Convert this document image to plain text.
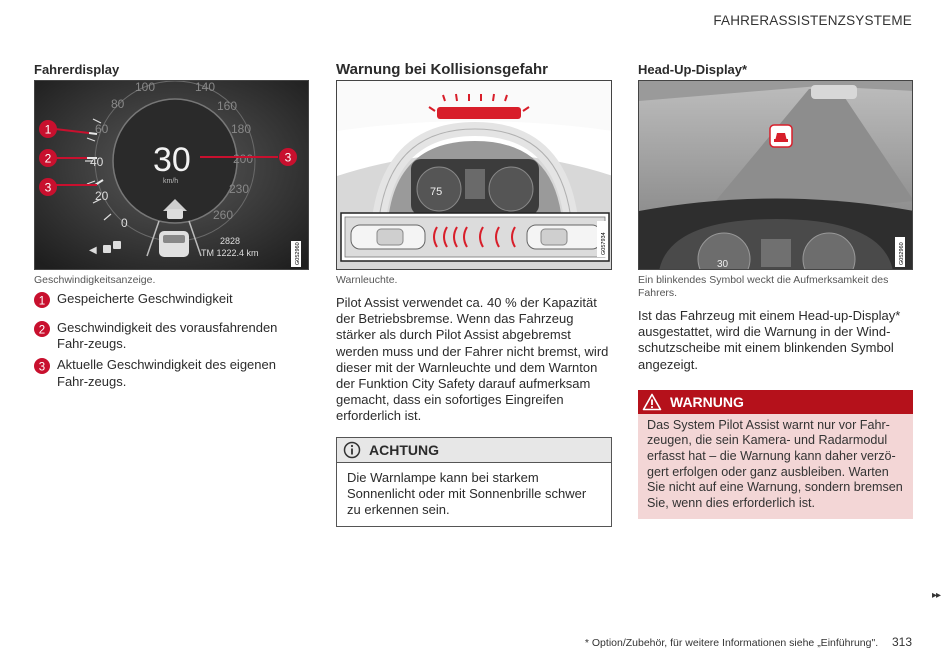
FAHRERASSISTENZSYSTEME
Fahrerdisplay
0
20
40
60
80
100	140
160
180
200
230
260
30
km/h
◀
2828
TM 1222.4 km	G052960
1
2
3
3
Geschwindigkeitsanzeige.
1 Gespeicherte Geschwindigkeit
2 Geschwindigkeit des vorausfahrenden Fahr-zeugs.
3 Aktuelle Geschwindigkeit des eigenen Fahr-zeugs.
Warnung bei Kollisionsgefahr
75
G057934
Warnleuchte.
Pilot Assist verwendet ca. 40 % der Kapazität der Betriebsbremse. Wenn das Fahrzeug stärker als durch Pilot Assist abgebremst werden muss und der Fahrer nicht bremst, wird dieser mit der Warnleuchte und dem Warnton der Funktion City Safety darauf aufmerksam gemacht, dass ein sofortiges Eingreifen erforderlich ist.
ACHTUNG
Die Warnlampe kann bei starkem Sonnenlicht oder mit Sonnenbrille schwer zu erkennen sein.
Head-Up-Display*
30	G052960
Ein blinkendes Symbol weckt die Aufmerksamkeit des Fahrers.
Ist das Fahrzeug mit einem Head-up-Display* ausgestattet, wird die Warnung in der Wind-schutzscheibe mit einem blinkenden Symbol angezeigt.
WARNUNG
Das System Pilot Assist warnt nur vor Fahr-zeugen, die sein Kamera- und Radarmodul erfasst hat – die Warnung kann daher verzö-gert erfolgen oder ganz ausbleiben. Warten Sie nicht auf eine Warnung, sondern bremsen Sie, wenn dies erforderlich ist.
▸▸
* Option/Zubehör, für weitere Informationen siehe „Einführung". 313
